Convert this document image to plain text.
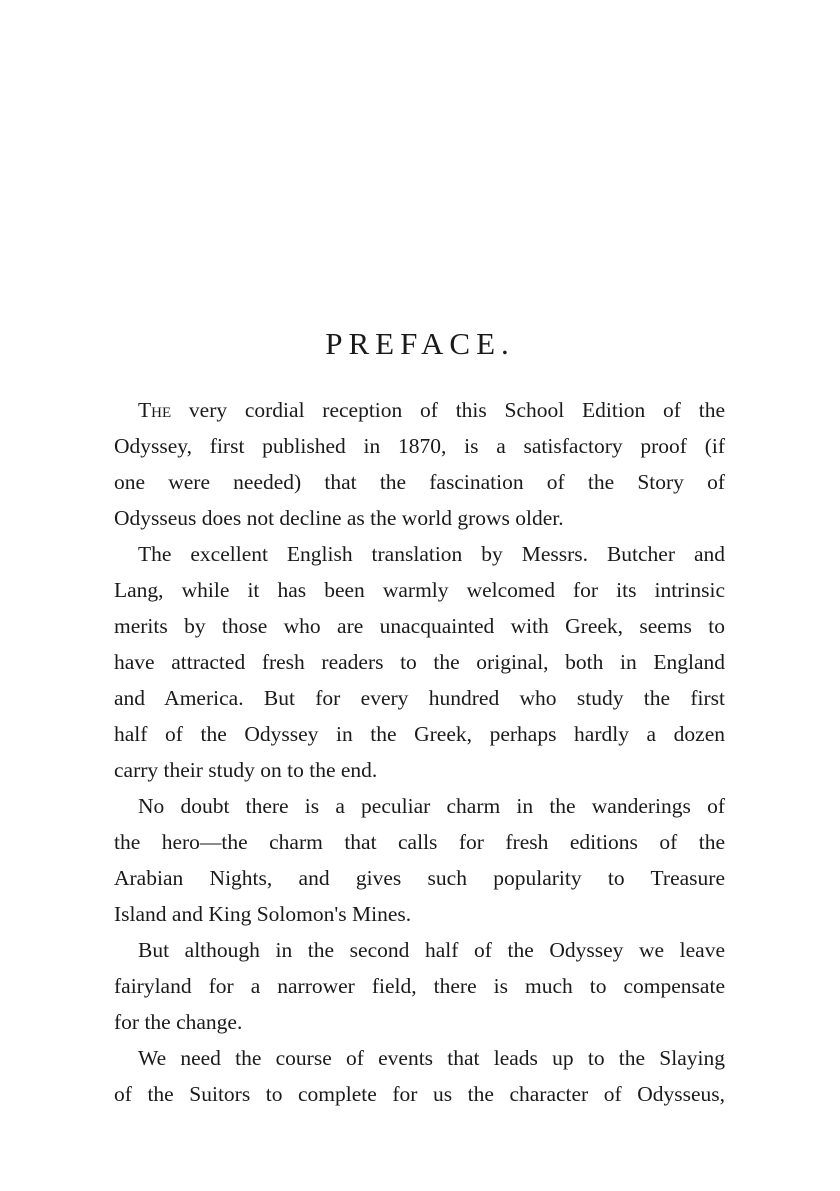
PREFACE.
The very cordial reception of this School Edition of the
Odyssey, first published in 1870, is a satisfactory proof (if
one were needed) that the fascination of the Story of
Odysseus does not decline as the world grows older.
The excellent English translation by Messrs. Butcher and
Lang, while it has been warmly welcomed for its intrinsic
merits by those who are unacquainted with Greek, seems to
have attracted fresh readers to the original, both in England
and America. But for every hundred who study the first
half of the Odyssey in the Greek, perhaps hardly a dozen
carry their study on to the end.
No doubt there is a peculiar charm in the wanderings of
the hero—the charm that calls for fresh editions of the
Arabian Nights, and gives such popularity to Treasure
Island and King Solomon's Mines.
But although in the second half of the Odyssey we leave
fairyland for a narrower field, there is much to compensate
for the change.
We need the course of events that leads up to the Slaying
of the Suitors to complete for us the character of Odysseus,
